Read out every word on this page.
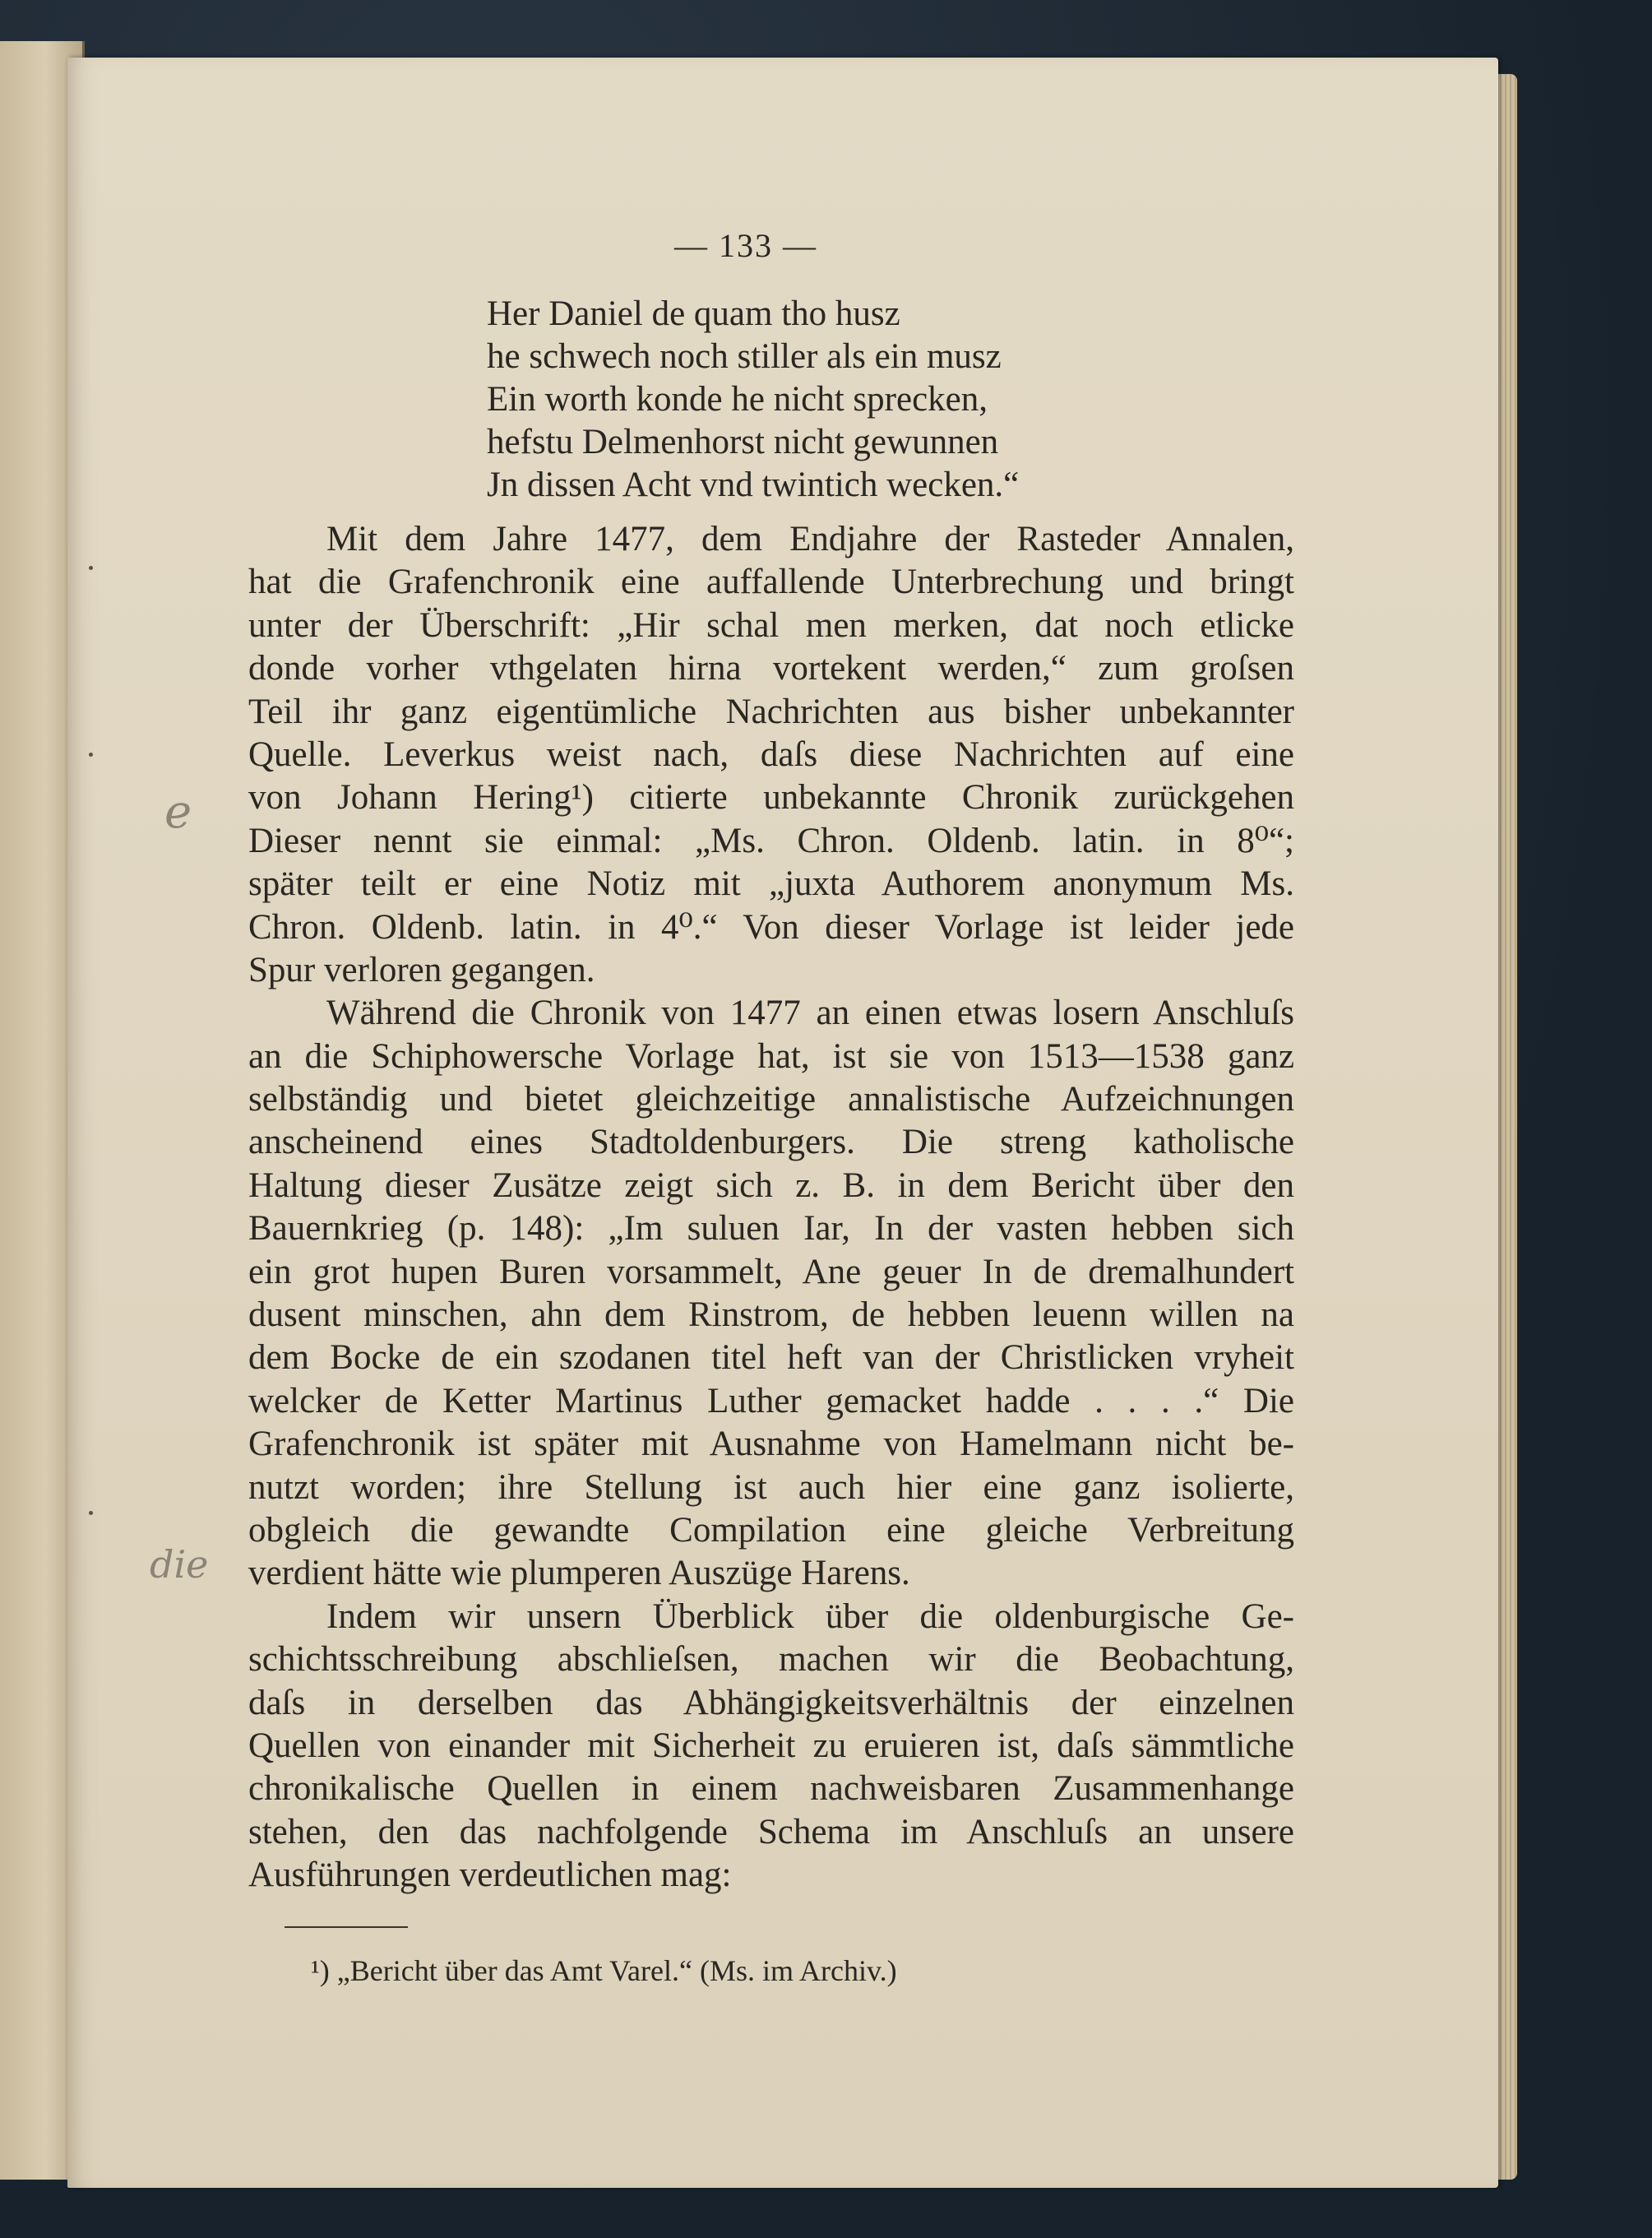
— 133 —
Her Daniel de quam tho husz
he schwech noch stiller als ein musz
Ein worth konde he nicht sprecken,
hefstu Delmenhorst nicht gewunnen
Jn dissen Acht vnd twintich wecken.“
Mit dem Jahre 1477, dem Endjahre der Rasteder Annalen,
hat die Grafenchronik eine auffallende Unterbrechung und bringt
unter der Überschrift: „Hir schal men merken, dat noch etlicke
donde vorher vthgelaten hirna vortekent werden,“ zum groſsen
Teil ihr ganz eigentümliche Nachrichten aus bisher unbekannter
Quelle. Leverkus weist nach, daſs diese Nachrichten auf eine
von Johann Hering¹) citierte unbekannte Chronik zurückgehen
Dieser nennt sie einmal: „Ms. Chron. Oldenb. latin. in 8⁰“;
später teilt er eine Notiz mit „juxta Authorem anonymum Ms.
Chron. Oldenb. latin. in 4⁰.“ Von dieser Vorlage ist leider jede
Spur verloren gegangen.
Während die Chronik von 1477 an einen etwas losern Anschluſs
an die Schiphowersche Vorlage hat, ist sie von 1513—1538 ganz
selbständig und bietet gleichzeitige annalistische Aufzeichnungen
anscheinend eines Stadtoldenburgers. Die streng katholische
Haltung dieser Zusätze zeigt sich z. B. in dem Bericht über den
Bauernkrieg (p. 148): „Im suluen Iar, In der vasten hebben sich
ein grot hupen Buren vorsammelt, Ane geuer In de dremalhundert
dusent minschen, ahn dem Rinstrom, de hebben leuenn willen na
dem Bocke de ein szodanen titel heft van der Christlicken vryheit
welcker de Ketter Martinus Luther gemacket hadde . . . .“ Die
Grafenchronik ist später mit Ausnahme von Hamelmann nicht be-
nutzt worden; ihre Stellung ist auch hier eine ganz isolierte,
obgleich die gewandte Compilation eine gleiche Verbreitung
verdient hätte wie plumperen Auszüge Harens.
Indem wir unsern Überblick über die oldenburgische Ge-
schichtsschreibung abschlieſsen, machen wir die Beobachtung,
daſs in derselben das Abhängigkeitsverhältnis der einzelnen
Quellen von einander mit Sicherheit zu eruieren ist, daſs sämmtliche
chronikalische Quellen in einem nachweisbaren Zusammenhange
stehen, den das nachfolgende Schema im Anschluſs an unsere
Ausführungen verdeutlichen mag:
¹) „Bericht über das Amt Varel.“ (Ms. im Archiv.)
e
die
